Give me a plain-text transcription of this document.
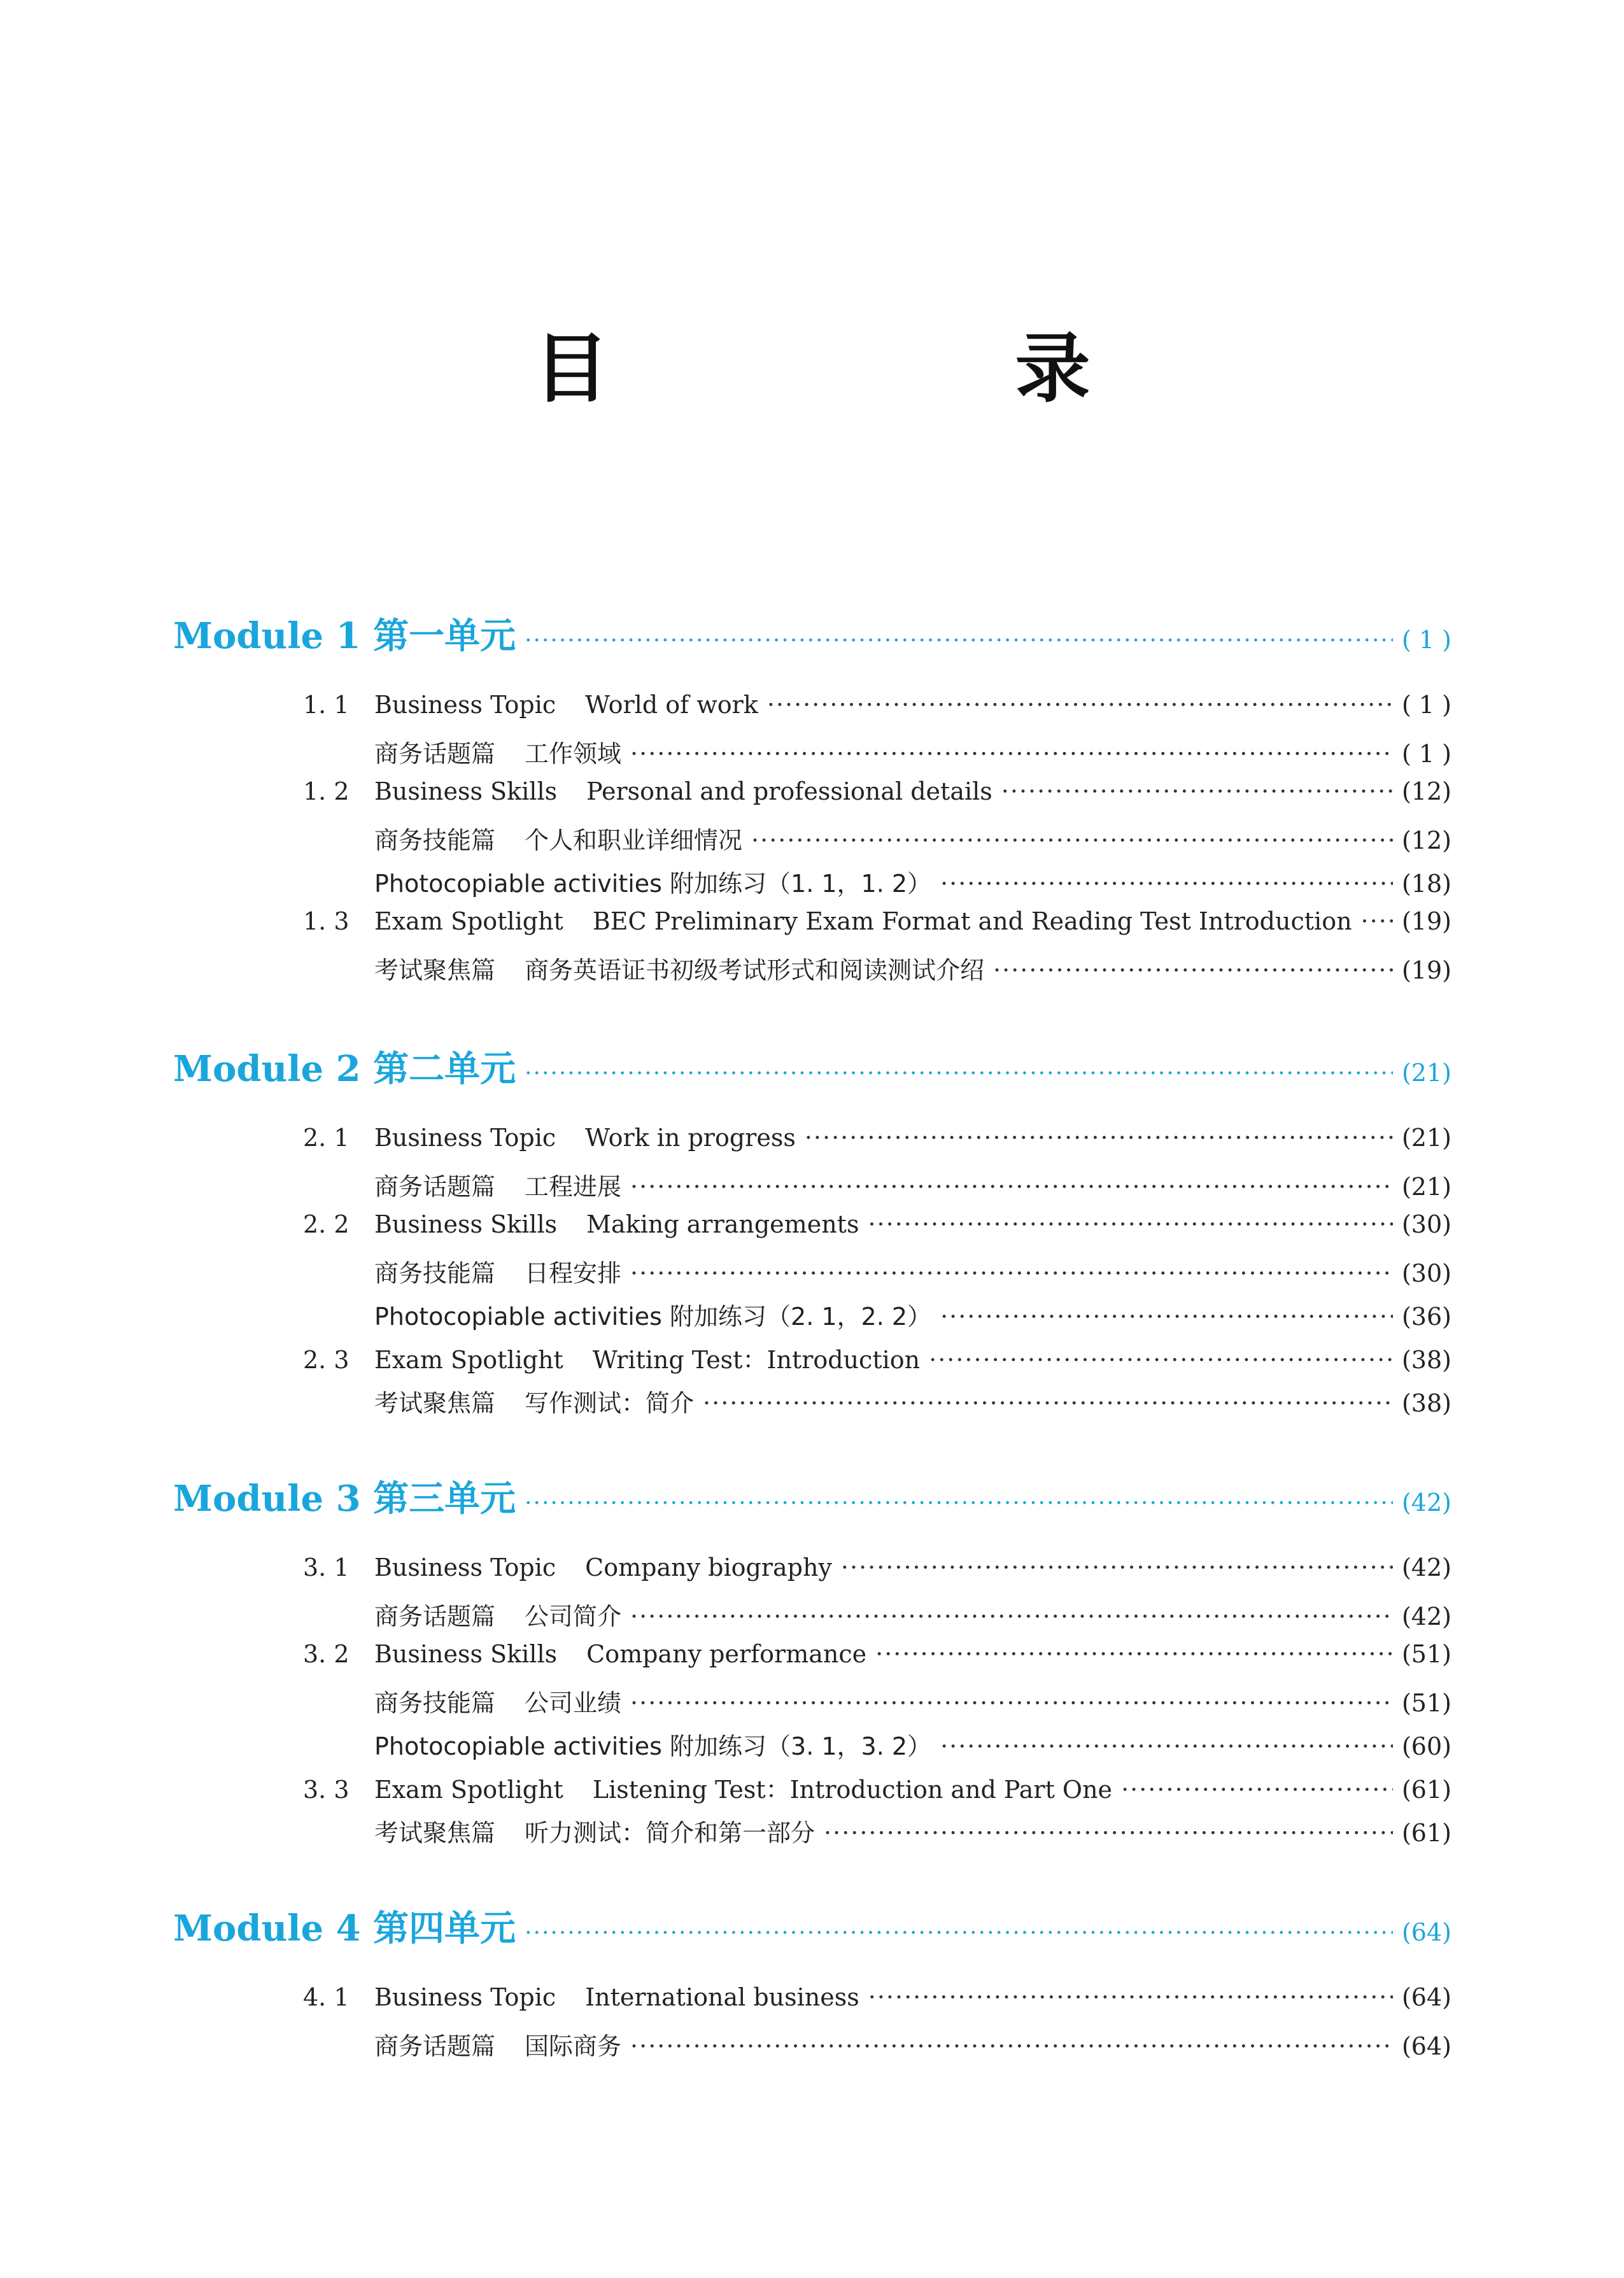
目　录
Module 1 第一单元 ·····	( 1 )
1. 1 Business Topic World of work ·····	( 1 )
商务话题篇 工作领域 ·····	( 1 )
1. 2 Business Skills Personal and professional details ·····	(12)
商务技能篇 个人和职业详细情况 ·····	(12)
Photocopiable activities 附加练习（1. 1，1. 2） ·····	(18)
1. 3 Exam Spotlight BEC Preliminary Exam Format and Reading Test Introduction ····· (19)
考试聚焦篇 商务英语证书初级考试形式和阅读测试介绍 ·····	(19)
Module 2 第二单元 ·····	(21)
2. 1 Business Topic Work in progress ·····	(21)
商务话题篇 工程进展 ·····	(21)
2. 2 Business Skills Making arrangements ·····	(30)
商务技能篇 日程安排 ·····	(30)
Photocopiable activities 附加练习（2. 1，2. 2） ·····	(36)
2. 3 Exam Spotlight Writing Test：Introduction ·····	(38)
考试聚焦篇 写作测试：简介 ·····	(38)
Module 3 第三单元 ·····	(42)
3. 1 Business Topic Company biography ·····	(42)
商务话题篇 公司简介 ·····	(42)
3. 2 Business Skills Company performance ·····	(51)
商务技能篇 公司业绩 ·····	(51)
Photocopiable activities 附加练习（3. 1，3. 2） ·····	(60)
3. 3 Exam Spotlight Listening Test：Introduction and Part One ·····	(61)
考试聚焦篇 听力测试：简介和第一部分 ·····	(61)
Module 4 第四单元 ·····	(64)
4. 1 Business Topic International business ·····	(64)
商务话题篇 国际商务 ·····	(64)
